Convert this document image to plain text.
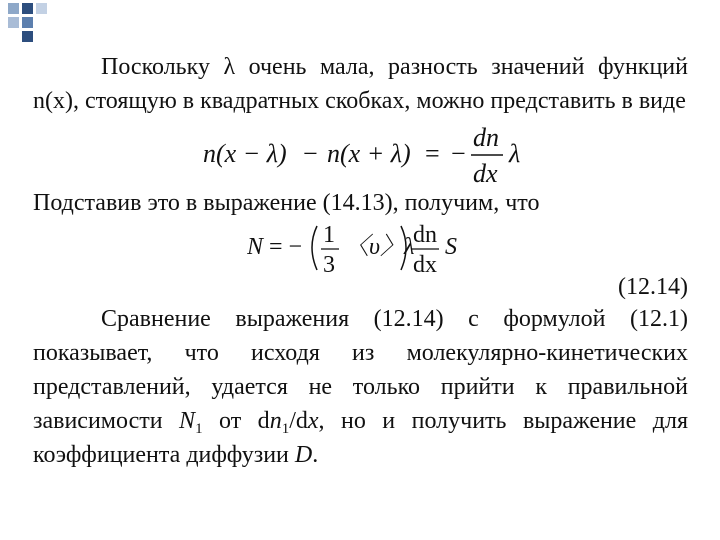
Поскольку λ очень мала, разность значений функций n(x), стоящую в квадратных скобках, можно представить в виде

n(x − λ) − n(x + λ) = −
dn
dx
λ

Подставив это в выражение (14.13), получим, что

N = − 1
3
〈υ〉λ
dn
dx
S
(12.14)

Сравнение выражения (12.14) с формулой (12.1) показывает, что исходя из молекулярно-кинетических представлений, удается не только прийти к правильной зависимости $N_1$ от $dn_1/dx$, но и получить выражение для коэффициента диффузии D.
